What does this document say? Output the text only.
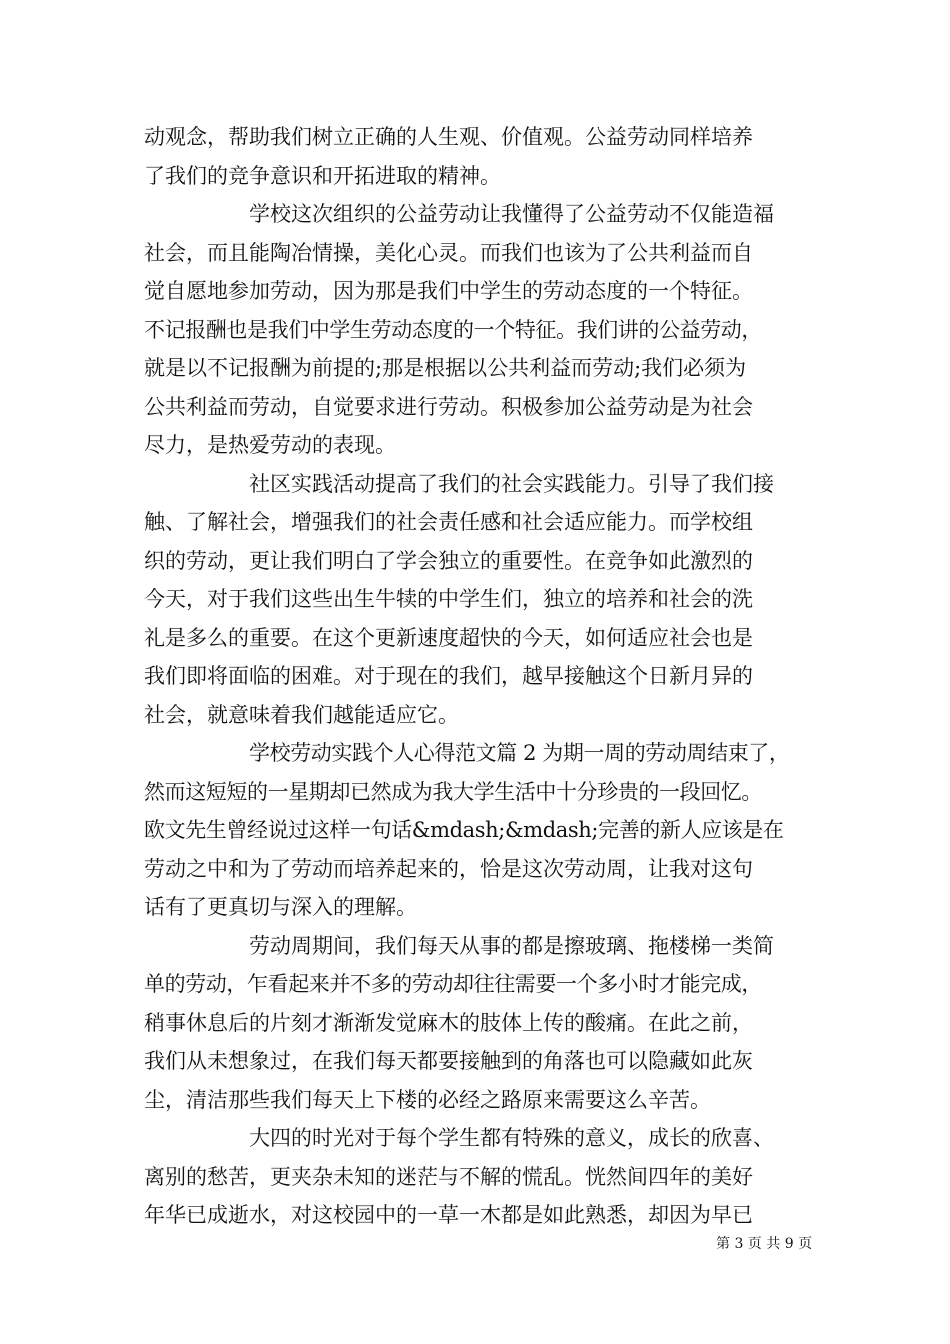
动观念，帮助我们树立正确的人生观、价值观。公益劳动同样培养
了我们的竞争意识和开拓进取的精神。
学校这次组织的公益劳动让我懂得了公益劳动不仅能造福
社会，而且能陶冶情操，美化心灵。而我们也该为了公共利益而自
觉自愿地参加劳动，因为那是我们中学生的劳动态度的一个特征。
不记报酬也是我们中学生劳动态度的一个特征。我们讲的公益劳动，
就是以不记报酬为前提的;那是根据以公共利益而劳动;我们必须为
公共利益而劳动，自觉要求进行劳动。积极参加公益劳动是为社会
尽力，是热爱劳动的表现。
社区实践活动提高了我们的社会实践能力。引导了我们接
触、了解社会，增强我们的社会责任感和社会适应能力。而学校组
织的劳动，更让我们明白了学会独立的重要性。在竞争如此激烈的
今天，对于我们这些出生牛犊的中学生们，独立的培养和社会的洗
礼是多么的重要。在这个更新速度超快的今天，如何适应社会也是
我们即将面临的困难。对于现在的我们，越早接触这个日新月异的
社会，就意味着我们越能适应它。
学校劳动实践个人心得范文篇 2 为期一周的劳动周结束了，
然而这短短的一星期却已然成为我大学生活中十分珍贵的一段回忆。
欧文先生曾经说过这样一句话&mdash;&mdash;完善的新人应该是在
劳动之中和为了劳动而培养起来的，恰是这次劳动周，让我对这句
话有了更真切与深入的理解。
劳动周期间，我们每天从事的都是擦玻璃、拖楼梯一类简
单的劳动，乍看起来并不多的劳动却往往需要一个多小时才能完成，
稍事休息后的片刻才渐渐发觉麻木的肢体上传的酸痛。在此之前，
我们从未想象过，在我们每天都要接触到的角落也可以隐藏如此灰
尘，清洁那些我们每天上下楼的必经之路原来需要这么辛苦。
大四的时光对于每个学生都有特殊的意义，成长的欣喜、
离别的愁苦，更夹杂未知的迷茫与不解的慌乱。恍然间四年的美好
年华已成逝水，对这校园中的一草一木都是如此熟悉，却因为早已
第 3 页 共 9 页
